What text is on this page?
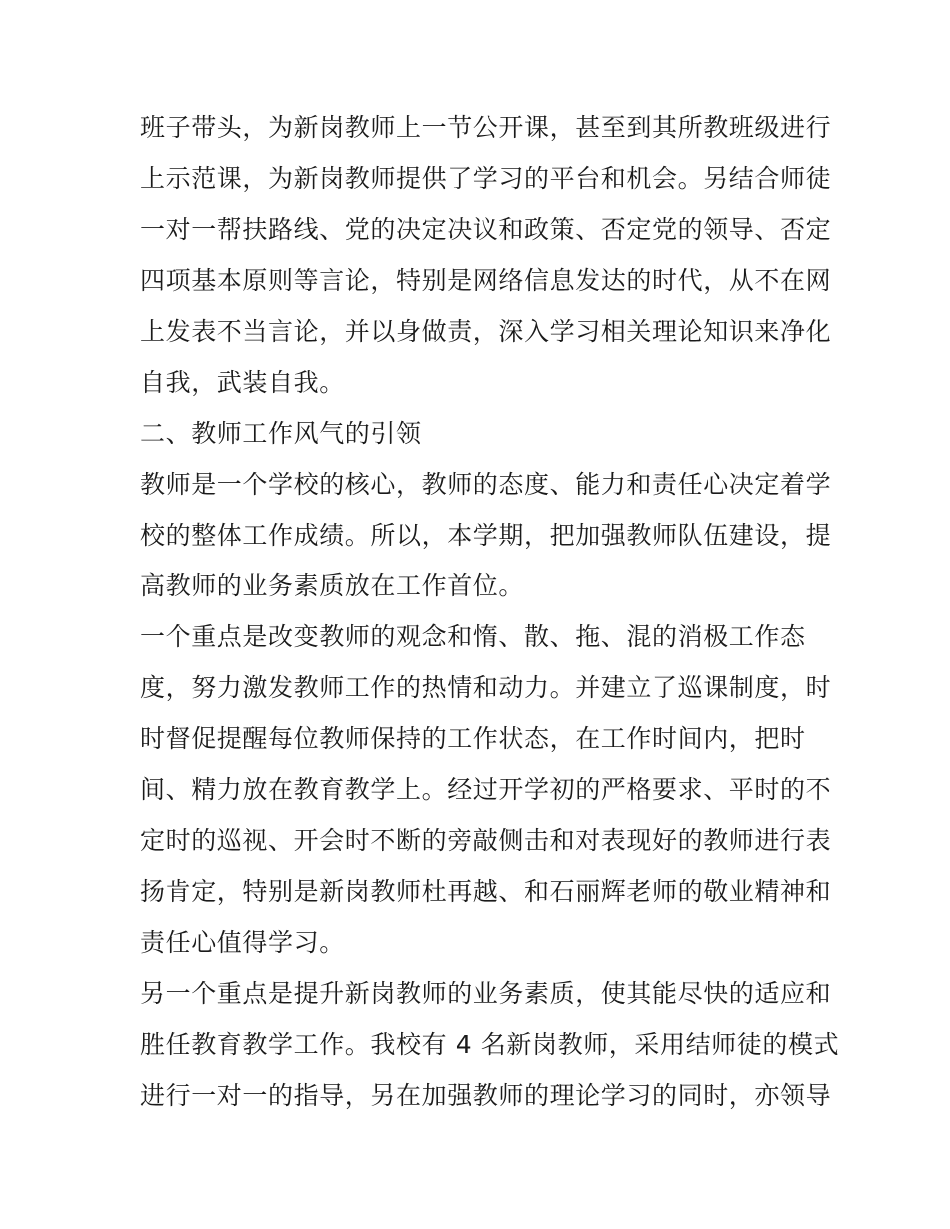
班子带头，为新岗教师上一节公开课，甚至到其所教班级进行
上示范课，为新岗教师提供了学习的平台和机会。另结合师徒
一对一帮扶路线、党的决定决议和政策、否定党的领导、否定
四项基本原则等言论，特别是网络信息发达的时代，从不在网
上发表不当言论，并以身做责，深入学习相关理论知识来净化
自我，武装自我。
二、教师工作风气的引领
教师是一个学校的核心，教师的态度、能力和责任心决定着学
校的整体工作成绩。所以，本学期，把加强教师队伍建设，提
高教师的业务素质放在工作首位。
一个重点是改变教师的观念和惰、散、拖、混的消极工作态
度，努力激发教师工作的热情和动力。并建立了巡课制度，时
时督促提醒每位教师保持的工作状态，在工作时间内，把时
间、精力放在教育教学上。经过开学初的严格要求、平时的不
定时的巡视、开会时不断的旁敲侧击和对表现好的教师进行表
扬肯定，特别是新岗教师杜再越、和石丽辉老师的敬业精神和
责任心值得学习。
另一个重点是提升新岗教师的业务素质，使其能尽快的适应和
胜任教育教学工作。我校有 4 名新岗教师，采用结师徒的模式
进行一对一的指导，另在加强教师的理论学习的同时，亦领导
